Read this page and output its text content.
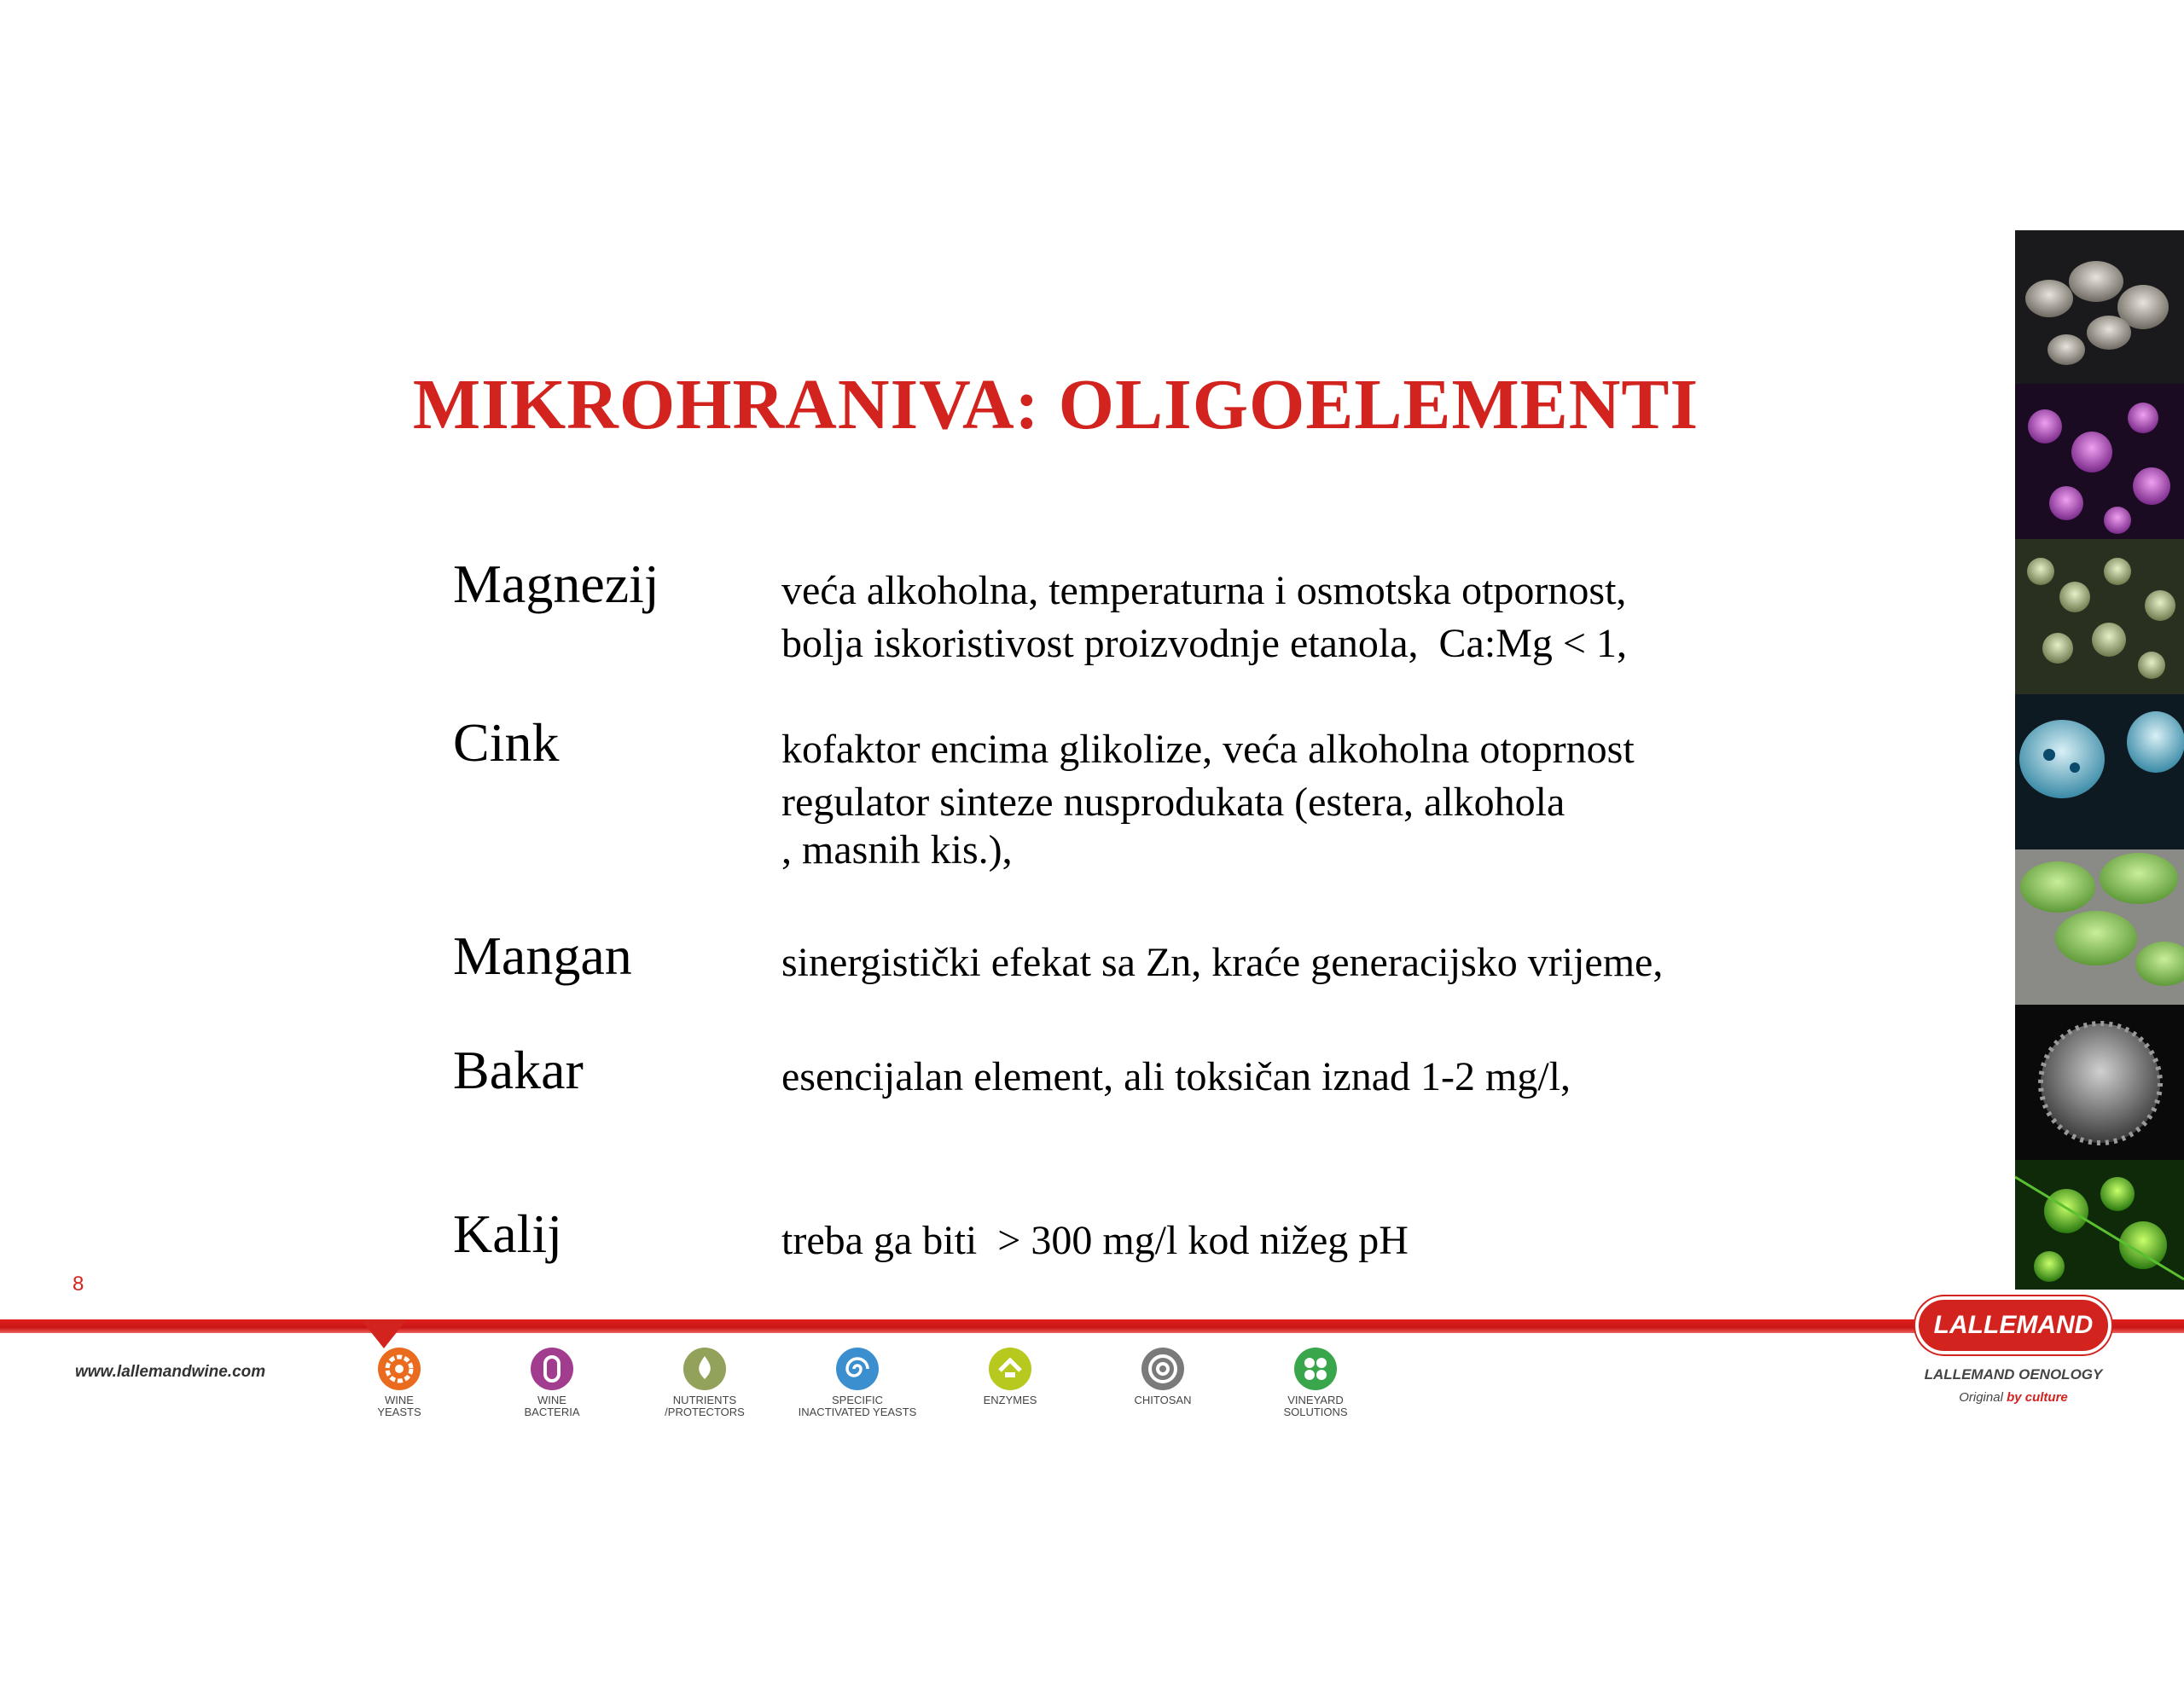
MIKROHRANIVA: OLIGOELEMENTI
Magnezij	veća alkoholna, temperaturna i osmotska otpornost,
bolja iskoristivost proizvodnje etanola,  Ca:Mg < 1,
Cink	kofaktor encima glikolize, veća alkoholna otoprnost
regulator sinteze nusprodukata (estera, alkohola
, masnih kis.),
Mangan	sinergistički efekat sa Zn, kraće generacijsko vrijeme,
Bakar	esencijalan element, ali toksičan iznad 1-2 mg/l,
Kalij	treba ga biti  > 300 mg/l kod nižeg pH
8
www.lallemandwine.com
WINE
YEASTS
WINE
BACTERIA
NUTRIENTS
/PROTECTORS
SPECIFIC
INACTIVATED YEASTS
ENZYMES	CHITOSAN	VINEYARD
SOLUTIONS
LALLEMAND
LALLEMAND OENOLOGY
Original by culture
